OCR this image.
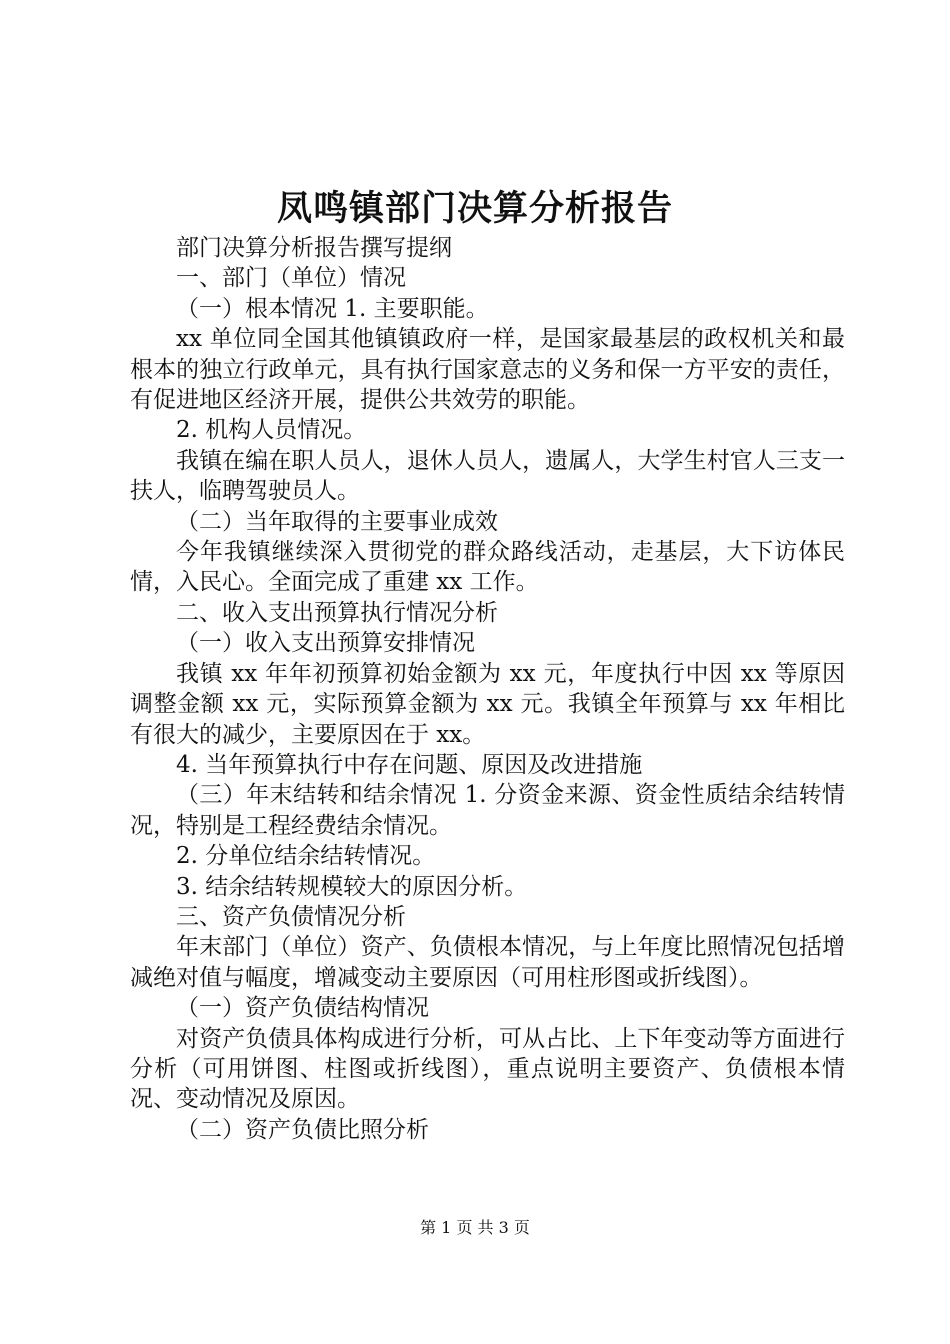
凤鸣镇部门决算分析报告

部门决算分析报告撰写提纲

一、部门（单位）情况

（一）根本情况 1. 主要职能。

xx 单位同全国其他镇镇政府一样，是国家最基层的政权机关和最根本的独立行政单元，具有执行国家意志的义务和保一方平安的责任，有促进地区经济开展，提供公共效劳的职能。

2. 机构人员情况。

我镇在编在职人员人，退休人员人，遗属人，大学生村官人三支一扶人，临聘驾驶员人。

（二）当年取得的主要事业成效

今年我镇继续深入贯彻党的群众路线活动，走基层，大下访体民情，入民心。全面完成了重建 xx 工作。

二、收入支出预算执行情况分析

（一）收入支出预算安排情况

我镇 xx 年年初预算初始金额为 xx 元，年度执行中因 xx 等原因调整金额 xx 元，实际预算金额为 xx 元。我镇全年预算与 xx 年相比有很大的减少，主要原因在于 xx。

4. 当年预算执行中存在问题、原因及改进措施

（三）年末结转和结余情况 1. 分资金来源、资金性质结余结转情况，特别是工程经费结余情况。

2. 分单位结余结转情况。

3. 结余结转规模较大的原因分析。

三、资产负债情况分析

年末部门（单位）资产、负债根本情况，与上年度比照情况包括增减绝对值与幅度，增减变动主要原因（可用柱形图或折线图）。

（一）资产负债结构情况

对资产负债具体构成进行分析，可从占比、上下年变动等方面进行分析（可用饼图、柱图或折线图），重点说明主要资产、负债根本情况、变动情况及原因。

（二）资产负债比照分析

第 1 页 共 3 页
